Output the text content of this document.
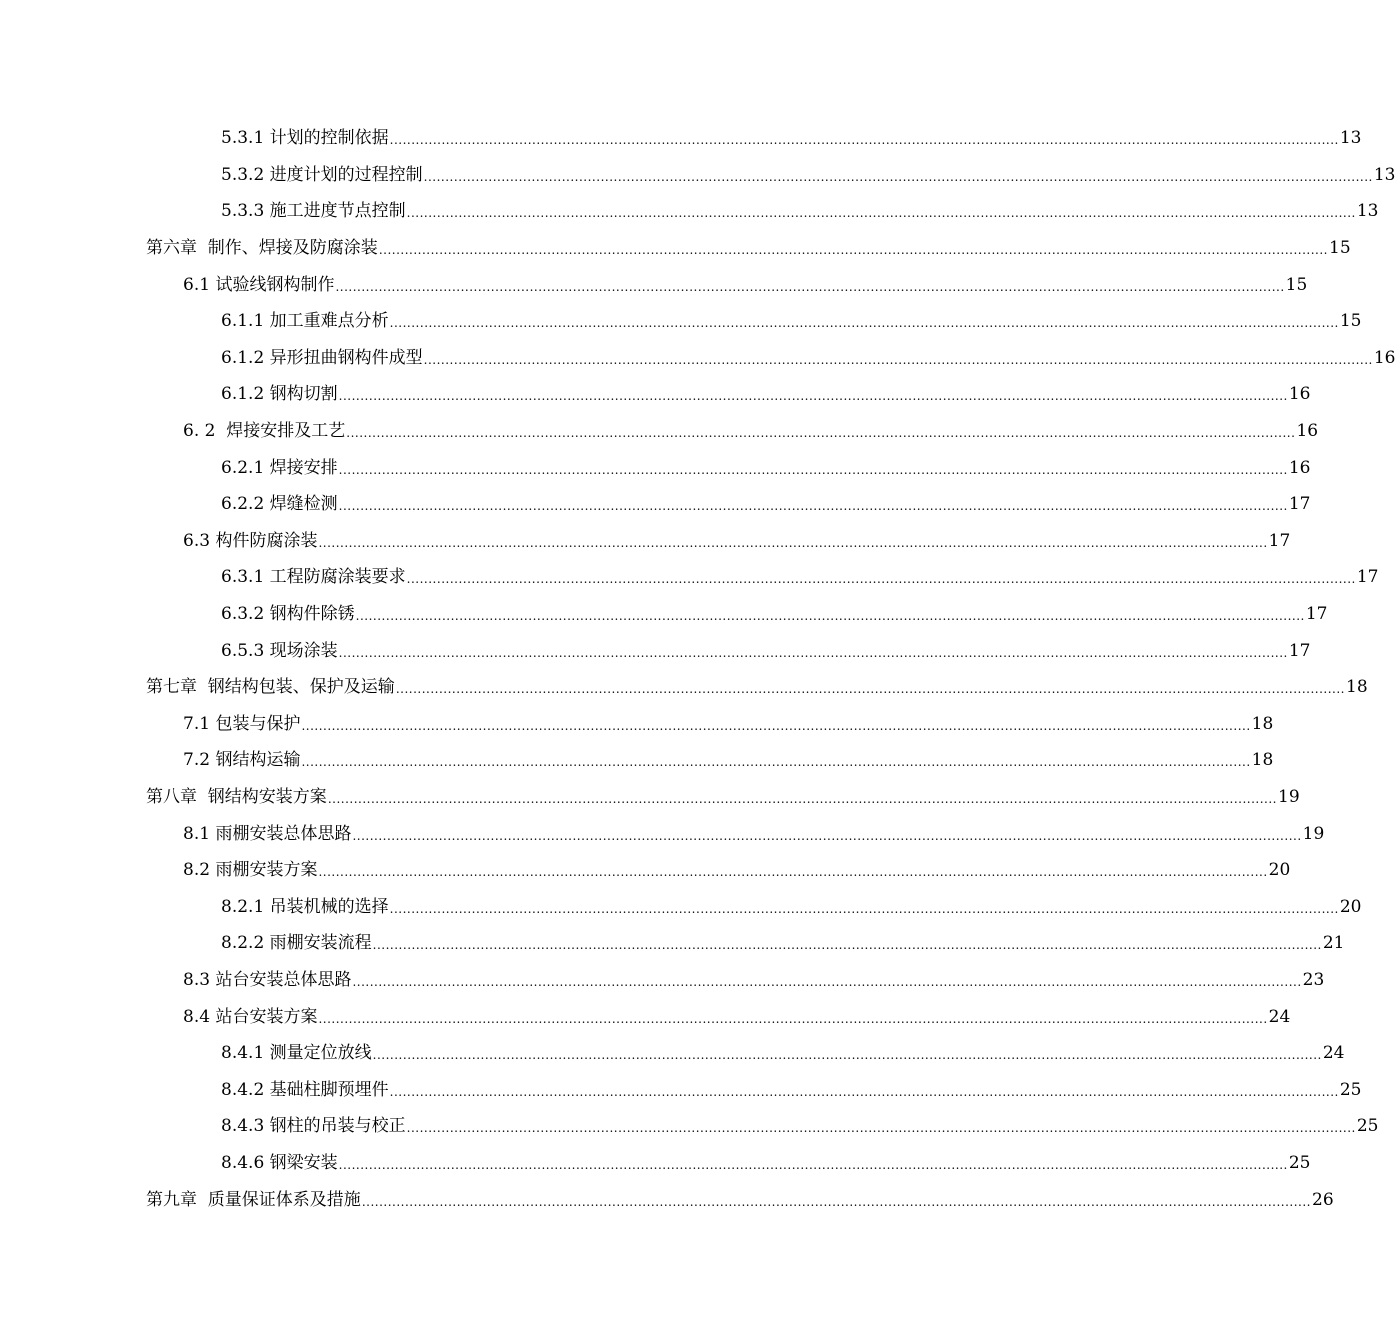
5.3.1 计划的控制依据 ............................................................................................................................................................................................................................ 13
5.3.2 进度计划的过程控制 ............................................................................................................................................................................................................................ 13
5.3.3 施工进度节点控制 ............................................................................................................................................................................................................................ 13
第六章  制作、焊接及防腐涂装 ............................................................................................................................................................................................................................ 15
6.1 试验线钢构制作 ............................................................................................................................................................................................................................ 15
6.1.1 加工重难点分析 ............................................................................................................................................................................................................................ 15
6.1.2 异形扭曲钢构件成型 ............................................................................................................................................................................................................................ 16
6.1.2 钢构切割 ............................................................................................................................................................................................................................ 16
6. 2  焊接安排及工艺 ............................................................................................................................................................................................................................ 16
6.2.1 焊接安排 ............................................................................................................................................................................................................................ 16
6.2.2 焊缝检测 ............................................................................................................................................................................................................................ 17
6.3 构件防腐涂装 ............................................................................................................................................................................................................................ 17
6.3.1 工程防腐涂装要求 ............................................................................................................................................................................................................................ 17
6.3.2 钢构件除锈 ............................................................................................................................................................................................................................ 17
6.5.3 现场涂装 ............................................................................................................................................................................................................................ 17
第七章  钢结构包装、保护及运输 ............................................................................................................................................................................................................................ 18
7.1 包装与保护 ............................................................................................................................................................................................................................ 18
7.2 钢结构运输 ............................................................................................................................................................................................................................ 18
第八章  钢结构安装方案 ............................................................................................................................................................................................................................ 19
8.1 雨棚安装总体思路 ............................................................................................................................................................................................................................ 19
8.2 雨棚安装方案 ............................................................................................................................................................................................................................ 20
8.2.1 吊装机械的选择 ............................................................................................................................................................................................................................ 20
8.2.2 雨棚安装流程 ............................................................................................................................................................................................................................ 21
8.3 站台安装总体思路 ............................................................................................................................................................................................................................ 23
8.4 站台安装方案 ............................................................................................................................................................................................................................ 24
8.4.1 测量定位放线 ............................................................................................................................................................................................................................ 24
8.4.2 基础柱脚预埋件 ............................................................................................................................................................................................................................ 25
8.4.3 钢柱的吊装与校正 ............................................................................................................................................................................................................................ 25
8.4.6 钢梁安装 ............................................................................................................................................................................................................................ 25
第九章  质量保证体系及措施 ............................................................................................................................................................................................................................ 26
